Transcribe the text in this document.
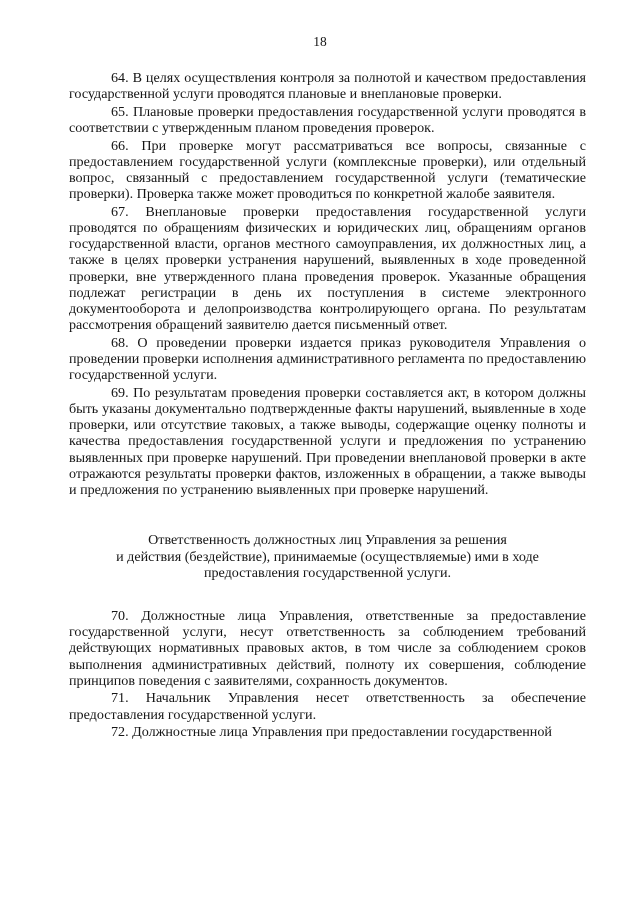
18

64. В целях осуществления контроля за полнотой и качеством предоставления государственной услуги проводятся плановые и внеплановые проверки.

65. Плановые проверки предоставления государственной услуги проводятся в соответствии с утвержденным планом проведения проверок.

66. При проверке могут рассматриваться все вопросы, связанные с предоставлением государственной услуги (комплексные проверки), или отдельный вопрос, связанный с предоставлением государственной услуги (тематические проверки). Проверка также может проводиться по конкретной жалобе заявителя.

67. Внеплановые проверки предоставления государственной услуги проводятся по обращениям физических и юридических лиц, обращениям органов государственной власти, органов местного самоуправления, их должностных лиц, а также в целях проверки устранения нарушений, выявленных в ходе проведенной проверки, вне утвержденного плана проведения проверок. Указанные обращения подлежат регистрации в день их поступления в системе электронного документооборота и делопроизводства контролирующего органа. По результатам рассмотрения обращений заявителю дается письменный ответ.

68. О проведении проверки издается приказ руководителя Управления о проведении проверки исполнения административного регламента по предоставлению государственной услуги.

69. По результатам проведения проверки составляется акт, в котором должны быть указаны документально подтвержденные факты нарушений, выявленные в ходе проверки, или отсутствие таковых, а также выводы, содержащие оценку полноты и качества предоставления государственной услуги и предложения по устранению выявленных при проверке нарушений. При проведении внеплановой проверки в акте отражаются результаты проверки фактов, изложенных в обращении, а также выводы и предложения по устранению выявленных при проверке нарушений.

Ответственность должностных лиц Управления за решения
и действия (бездействие), принимаемые (осуществляемые) ими в ходе
предоставления государственной услуги.

70. Должностные лица Управления, ответственные за предоставление государственной услуги, несут ответственность за соблюдением требований действующих нормативных правовых актов, в том числе за соблюдением сроков выполнения административных действий, полноту их совершения, соблюдение принципов поведения с заявителями, сохранность документов.

71. Начальник Управления несет ответственность за обеспечение предоставления государственной услуги.

72. Должностные лица Управления при предоставлении государственной
